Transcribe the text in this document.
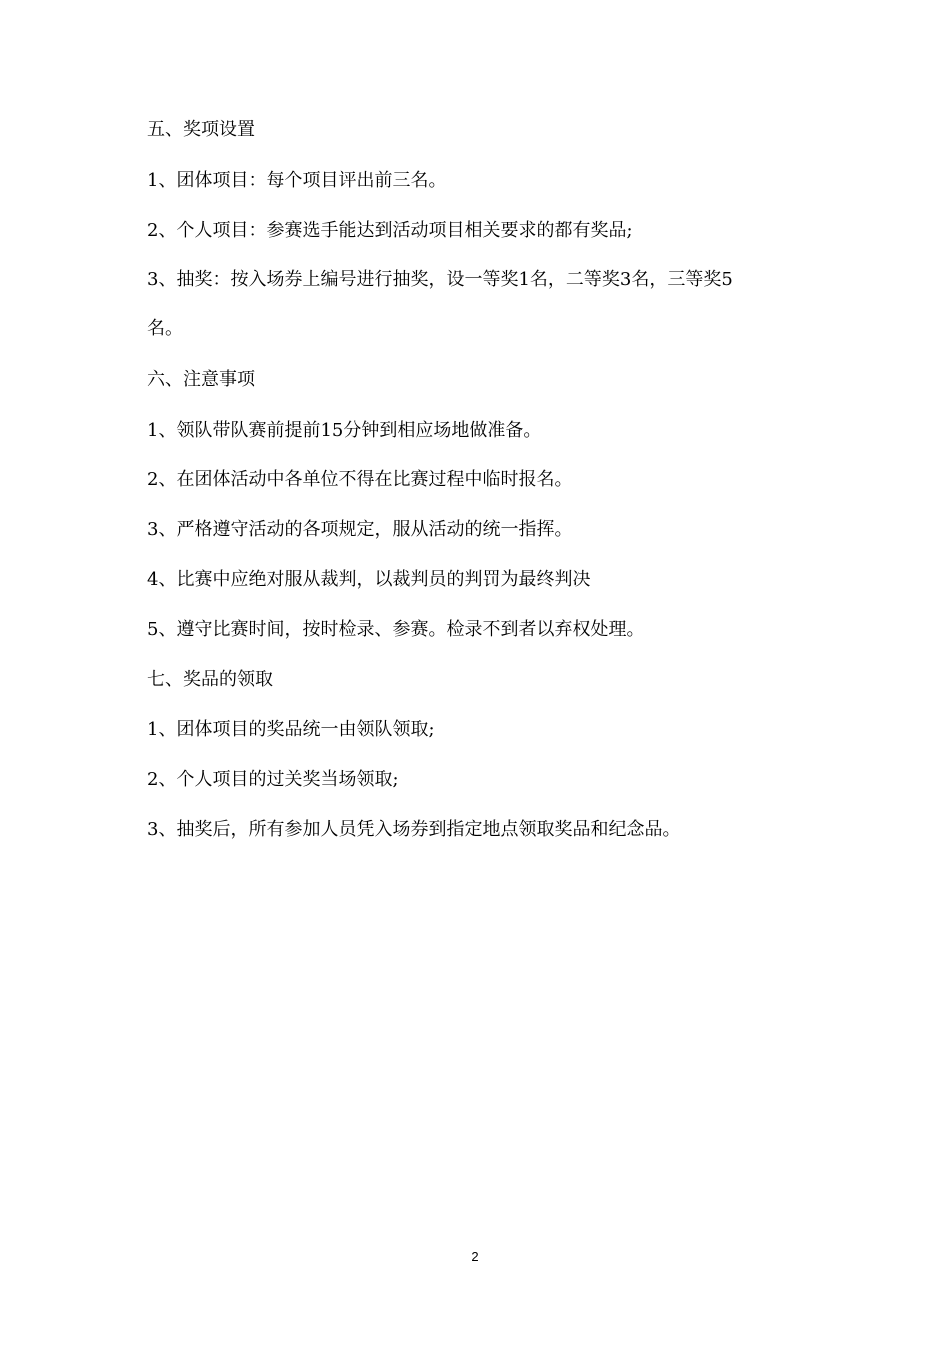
五、奖项设置
1、团体项目：每个项目评出前三名。
2、个人项目：参赛选手能达到活动项目相关要求的都有奖品;
3、抽奖：按入场券上编号进行抽奖，设一等奖1名，二等奖3名，三等奖5
名。
六、注意事项
1、领队带队赛前提前15分钟到相应场地做准备。
2、在团体活动中各单位不得在比赛过程中临时报名。
3、严格遵守活动的各项规定，服从活动的统一指挥。
4、比赛中应绝对服从裁判，以裁判员的判罚为最终判决
5、遵守比赛时间，按时检录、参赛。检录不到者以弃权处理。
七、奖品的领取
1、团体项目的奖品统一由领队领取;
2、个人项目的过关奖当场领取;
3、抽奖后，所有参加人员凭入场券到指定地点领取奖品和纪念品。
2
